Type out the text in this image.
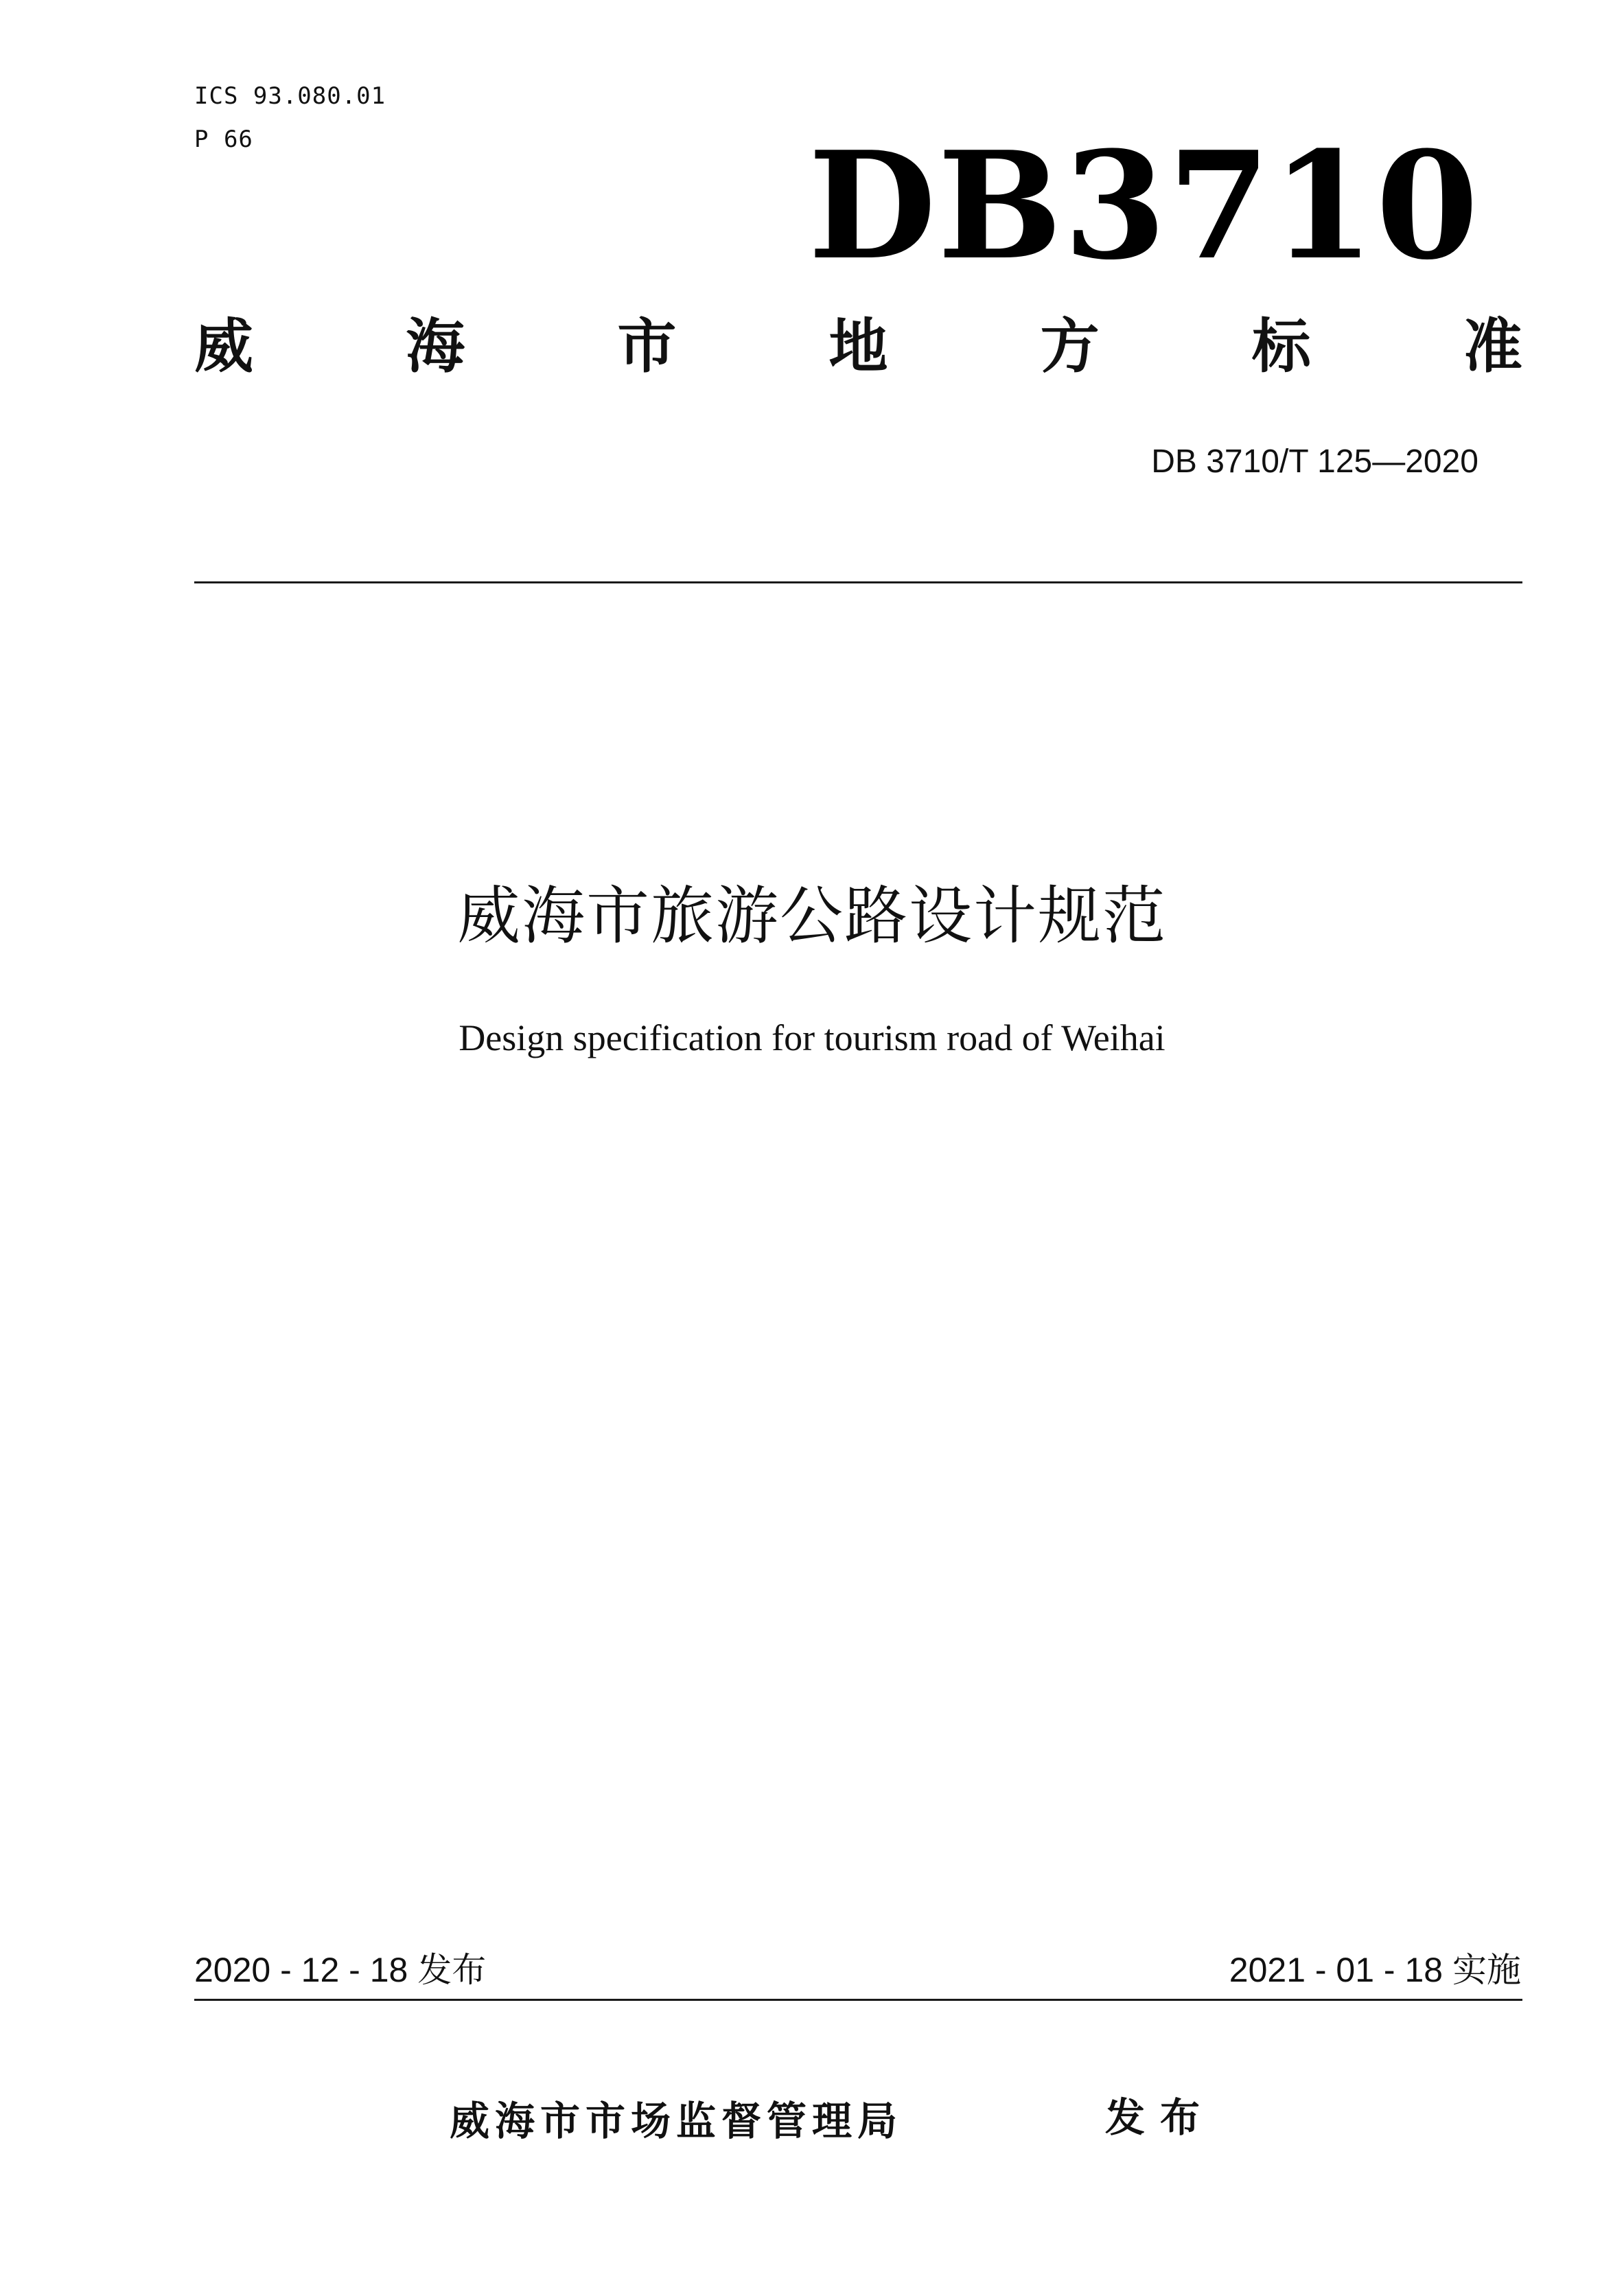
ICS 93.080.01
P 66	DB3710
威	海	市	地	方	标	准
DB 3710/T 125—2020
威海市旅游公路设计规范
Design specification for tourism road of Weihai
2020 - 12 - 18 发布	2021 - 01 - 18 实施
威海市市场监督管理局	发布
